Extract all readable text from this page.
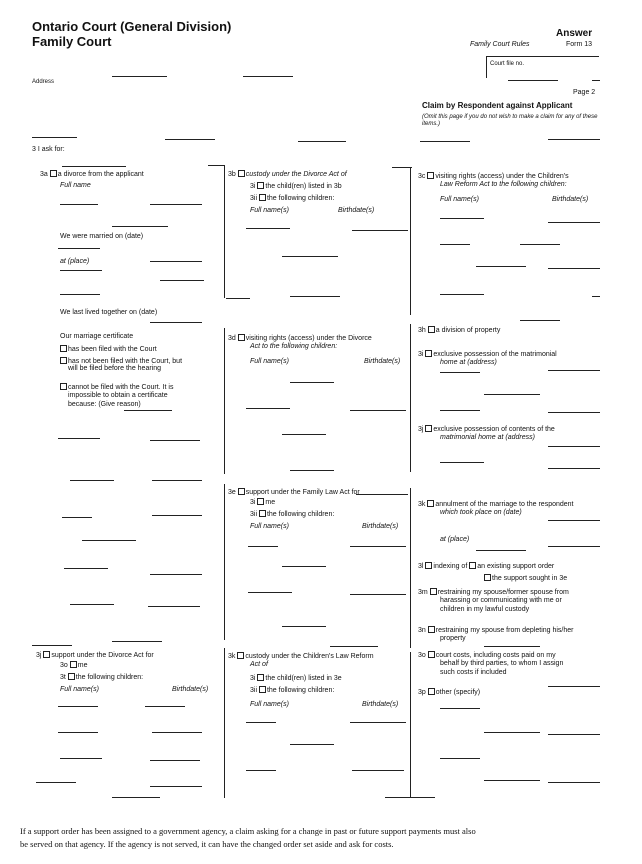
Ontario Court (General Division)
Family Court
Answer
Family Court Rules	Form 13
Court file no.
Address
Page 2
Claim by Respondent against Applicant
(Omit this page if you do not wish to make a claim for any of these items.)
3 I ask for:
3a a divorce from the applicant
Full name
We were married on (date)
at (place)
We last lived together on (date)
Our marriage certificate
has been filed with the Court
has not been filed with the Court, but
will be filed before the hearing
cannot be filed with the Court. It is
impossible to obtain a certificate
because: (Give reason)
3j support under the Divorce Act for
3o me
3t the following children:
Full name(s)	Birthdate(s)
3b custody under the Divorce Act of
3i the child(ren) listed in 3b
3ii the following children:
Full name(s)	Birthdate(s)
3d visiting rights (access) under the Divorce
Act to the following children:
Full name(s)	Birthdate(s)
3e support under the Family Law Act for
3i me
3ii the following children:
Full name(s)	Birthdate(s)
3k custody under the Children's Law Reform
Act of
3i the child(ren) listed in 3e
3ii the following children:
Full name(s)	Birthdate(s)
3c visiting rights (access) under the Children's
Law Reform Act to the following children:
Full name(s)	Birthdate(s)
3h a division of property
3i exclusive possession of the matrimonial
home at (address)
3j exclusive possession of contents of the
matrimonial home at (address)
3k annulment of the marriage to the respondent
which took place on (date)
at (place)
3l indexing of an existing support order
the support sought in 3e
3m restraining my spouse/former spouse from
harassing or communicating with me or
children in my lawful custody
3n restraining my spouse from depleting his/her
property
3o court costs, including costs paid on my
behalf by third parties, to whom I assign
such costs if included
3p other (specify)
If a support order has been assigned to a government agency, a claim asking for a change in past or future support payments must also
be served on that agency. If the agency is not served, it can have the changed order set aside and ask for costs.
